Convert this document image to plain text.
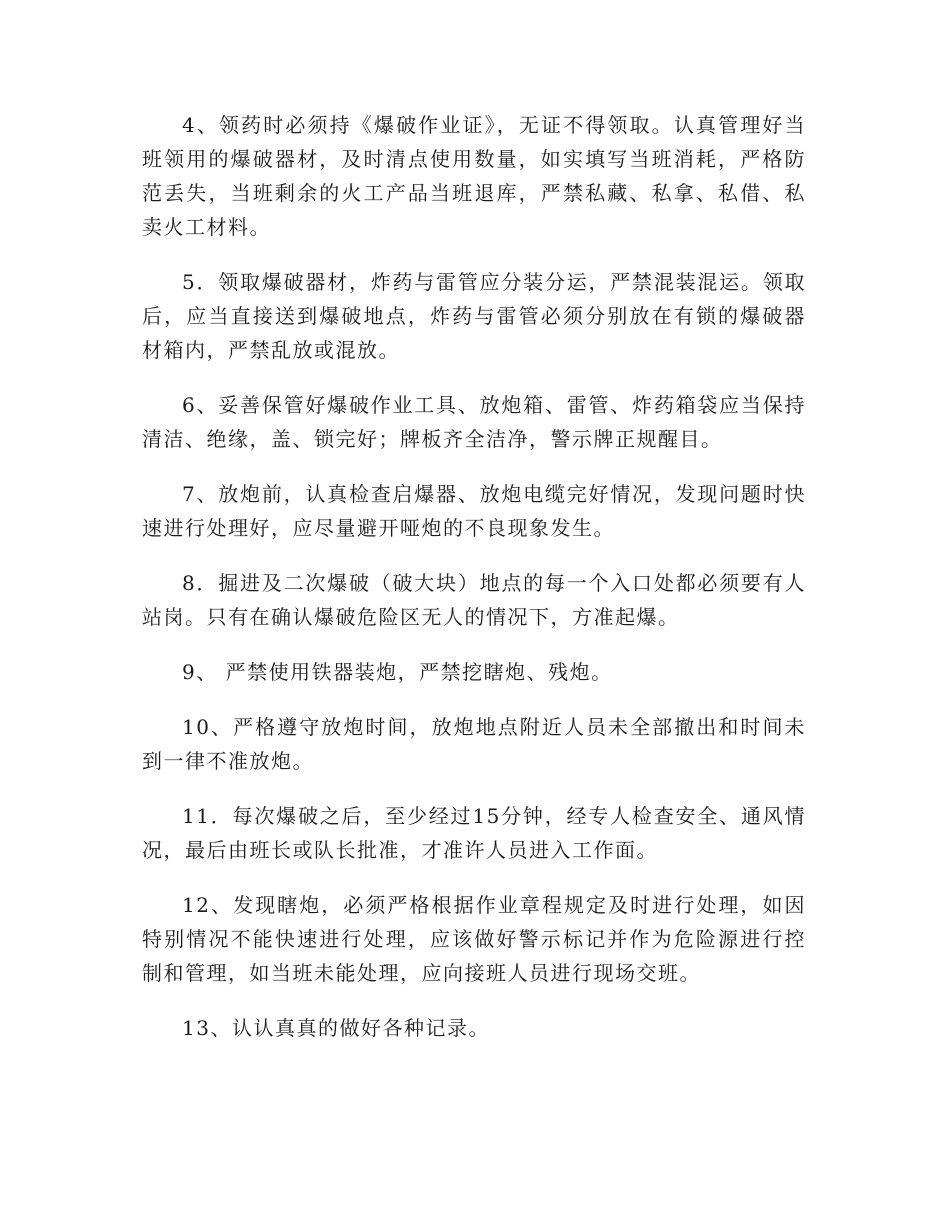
4、领药时必须持《爆破作业证》，无证不得领取。认真管理好当班领用的爆破器材，及时清点使用数量，如实填写当班消耗，严格防范丢失，当班剩余的火工产品当班退库，严禁私藏、私拿、私借、私卖火工材料。

5．领取爆破器材，炸药与雷管应分装分运，严禁混装混运。领取后，应当直接送到爆破地点，炸药与雷管必须分别放在有锁的爆破器材箱内，严禁乱放或混放。

6、妥善保管好爆破作业工具、放炮箱、雷管、炸药箱袋应当保持清洁、绝缘，盖、锁完好；牌板齐全洁净，警示牌正规醒目。

7、放炮前，认真检查启爆器、放炮电缆完好情况，发现问题时快速进行处理好，应尽量避开哑炮的不良现象发生。

8．掘进及二次爆破（破大块）地点的每一个入口处都必须要有人站岗。只有在确认爆破危险区无人的情况下，方准起爆。

9、 严禁使用铁器装炮，严禁挖瞎炮、残炮。

10、严格遵守放炮时间，放炮地点附近人员未全部撤出和时间未到一律不准放炮。

11．每次爆破之后，至少经过15分钟，经专人检查安全、通风情况，最后由班长或队长批准，才准许人员进入工作面。

12、发现瞎炮，必须严格根据作业章程规定及时进行处理，如因特别情况不能快速进行处理，应该做好警示标记并作为危险源进行控制和管理，如当班未能处理，应向接班人员进行现场交班。

13、认认真真的做好各种记录。
